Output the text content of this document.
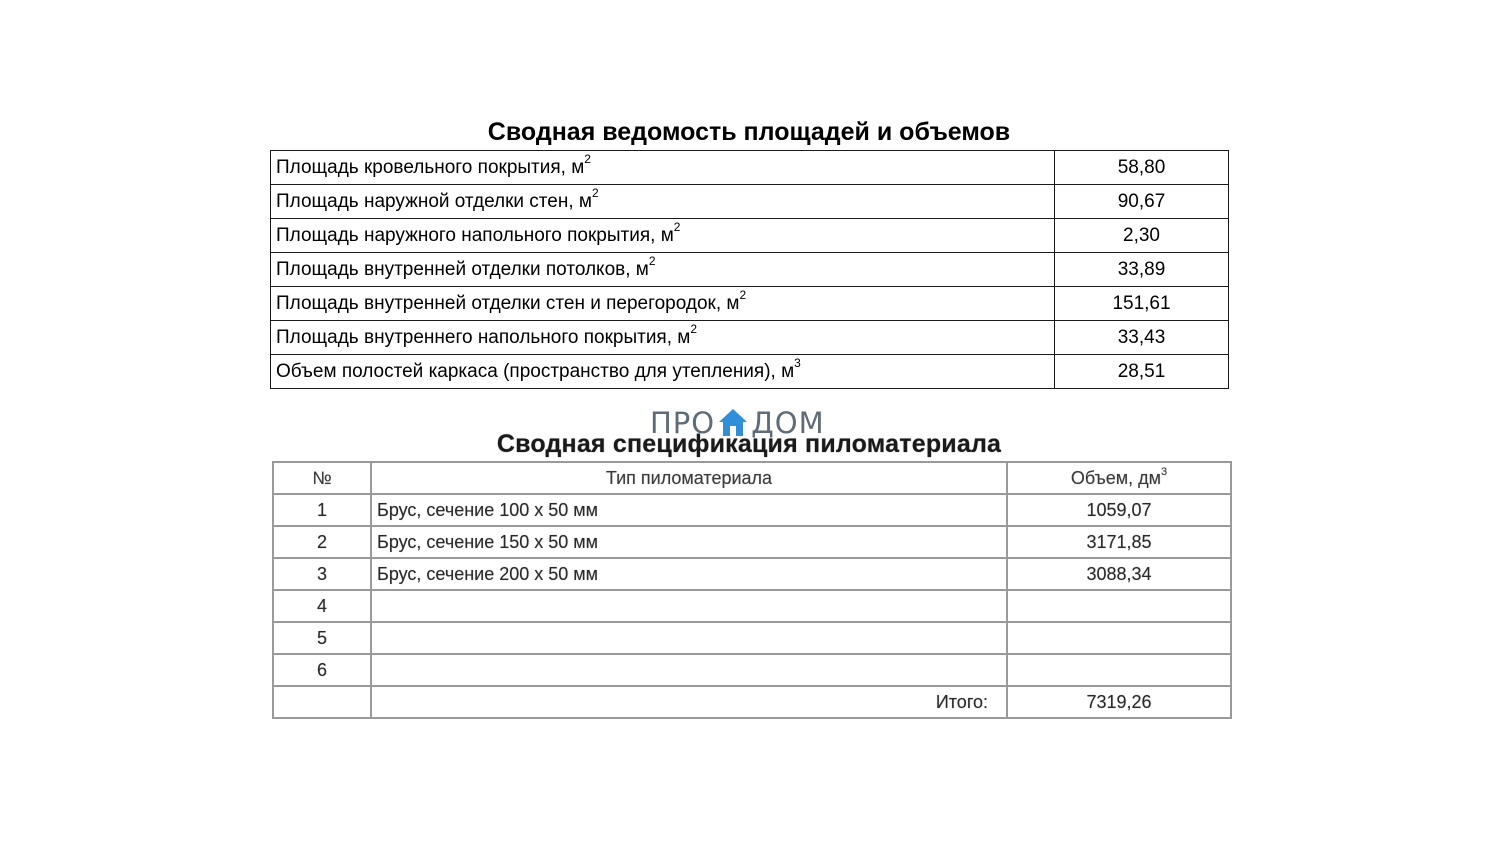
Сводная ведомость площадей и объемов
Площадь кровельного покрытия, $м^2$	58,80
Площадь наружной отделки стен, $м^2$	90,67
Площадь наружного напольного покрытия, $м^2$	2,30
Площадь внутренней отделки потолков, $м^2$	33,89
Площадь внутренней отделки стен и перегородок, $м^2$	151,61
Площадь внутреннего напольного покрытия, $м^2$	33,43
Объем полостей каркаса (пространство для утепления), $м^3$	28,51
ПРО ДОМ
Сводная спецификация пиломатериала
№	Тип пиломатериала	Объем, $дм^3$
1	Брус, сечение 100 х 50 мм	1059,07
2	Брус, сечение 150 х 50 мм	3171,85
3	Брус, сечение 200 х 50 мм	3088,34
4		
5		
6		
	Итого:	7319,26
